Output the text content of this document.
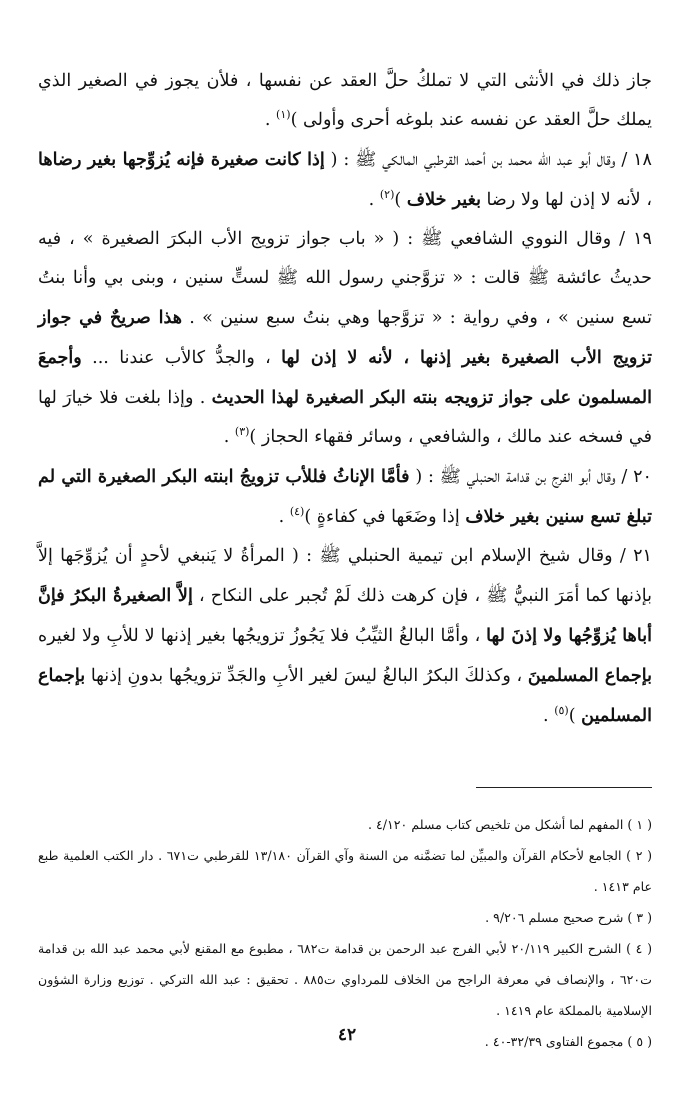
جاز ذلك في الأنثى التي لا تملكُ حلَّ العقد عن نفسها ، فلأن يجوز في الصغير الذي يملك حلَّ العقد عن نفسه عند بلوغه أحرى وأولى )$^{(١)}$ .

١٨ / وقال أبو عبد الله محمد بن أحمد القرطبي المالكي ﷺ : ( إذا كانت صغيرة فإنه يُزوِّجها بغير رضاها ، لأنه لا إذن لها ولا رضا بغير خلاف )$^{(٢)}$ .

١٩ / وقال النووي الشافعي ﷺ : ( « باب جواز تزويج الأب البكرَ الصغيرة » ، فيه حديثُ عائشة ﷺ قالت : « تزوَّجني رسول الله ﷺ لستٍّ سنين ، وبنى بي وأنا بنتُ تسع سنين » ، وفي رواية : « تزوَّجها وهي بنتُ سبع سنين » . هذا صريحٌ في جواز تزويج الأب الصغيرة بغير إذنها ، لأنه لا إذن لها ، والجدُّ كالأب عندنا ... وأجمعَ المسلمون على جواز تزويجه بنته البكر الصغيرة لهذا الحديث . وإذا بلغت فلا خيارَ لها في فسخه عند مالك ، والشافعي ، وسائر فقهاء الحجاز )$^{(٣)}$ .

٢٠ / وقال أبو الفرج بن قدامة الحنبلي ﷺ : ( فأمَّا الإناثُ فللأب تزويجُ ابنته البكر الصغيرة التي لم تبلغ تسع سنين بغير خلاف إذا وضَعَها في كفاءةٍ )$^{(٤)}$ .

٢١ / وقال شيخ الإسلام ابن تيمية الحنبلي ﷺ : ( المرأةُ لا يَنبغي لأحدٍ أن يُزوِّجَها إلاَّ بإذنها كما أمَرَ النبيُّ ﷺ ، فإن كرهت ذلك لَمْ تُجبر على النكاح ، إلاَّ الصغيرةُ البكرُ فإنَّ أباها يُزوِّجُها ولا إذنَ لها ، وأمَّا البالغُ الثيِّبُ فلا يَجُوزُ تزويجُها بغير إذنها لا للأبِ ولا لغيره بإجماع المسلمينَ ، وكذلكَ البكرُ البالغُ ليسَ لغير الأبِ والجَدِّ تزويجُها بدونِ إذنها بإجماع المسلمين )$^{(٥)}$ .

( ١ ) المفهم لما أشكل من تلخيص كتاب مسلم ٤/١٢٠ .

( ٢ ) الجامع لأحكام القرآن والمبيِّن لما تضمَّنه من السنة وآي القرآن ١٣/١٨٠ للقرطبي ت٦٧١ . دار الكتب العلمية طبع عام ١٤١٣ .

( ٣ ) شرح صحيح مسلم ٩/٢٠٦ .

( ٤ ) الشرح الكبير ٢٠/١١٩ لأبي الفرج عبد الرحمن بن قدامة ت٦٨٢ ، مطبوع مع المقنع لأبي محمد عبد الله بن قدامة ت٦٢٠ ، والإنصاف في معرفة الراجح من الخلاف للمرداوي ت٨٨٥ . تحقيق : عبد الله التركي . توزيع وزارة الشؤون الإسلامية بالمملكة عام ١٤١٩ .

( ٥ ) مجموع الفتاوى ٣٢/٣٩-٤٠ .

٤٢
